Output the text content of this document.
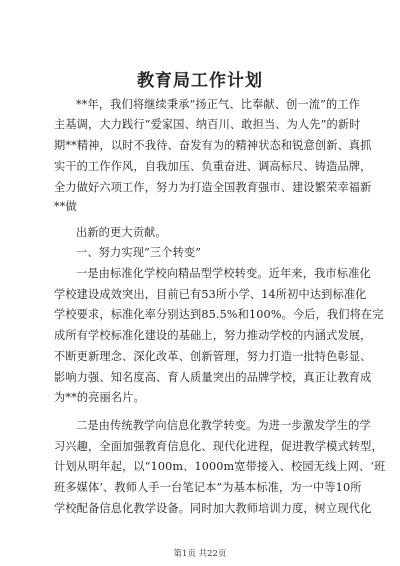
教育局工作计划
**年，我们将继续秉承“扬正气、比奉献、创一流”的工作
主基调，大力践行“爱家国、纳百川、敢担当、为人先”的新时
期**精神，以时不我待、奋发有为的精神状态和锐意创新、真抓
实干的工作作风，自我加压、负重奋进、调高标尺、铸造品牌，
全力做好六项工作，努力为打造全国教育强市、建设繁荣幸福新
**做
出新的更大贡献。
一、努力实现“三个转变”
一是由标准化学校向精品型学校转变。近年来，我市标准化
学校建设成效突出，目前已有53所小学、14所初中达到标准化
学校要求，标准化率分别达到85.5%和100%。今后，我们将在完
成所有学校标准化建设的基础上，努力推动学校的内涵式发展，
不断更新理念、深化改革、创新管理，努力打造一批特色彰显、
影响力强、知名度高、育人质量突出的品牌学校，真正让教育成
为**的亮丽名片。
二是由传统教学向信息化教学转变。为进一步激发学生的学
习兴趣，全面加强教育信息化、现代化进程，促进教学模式转型，
计划从明年起，以“100m、1000m宽带接入、校园无线上网、‘班
班多媒体’、教师人手一台笔记本”为基本标准，为一中等10所
学校配备信息化教学设备。同时加大教师培训力度，树立现代化
第1页 共22页
